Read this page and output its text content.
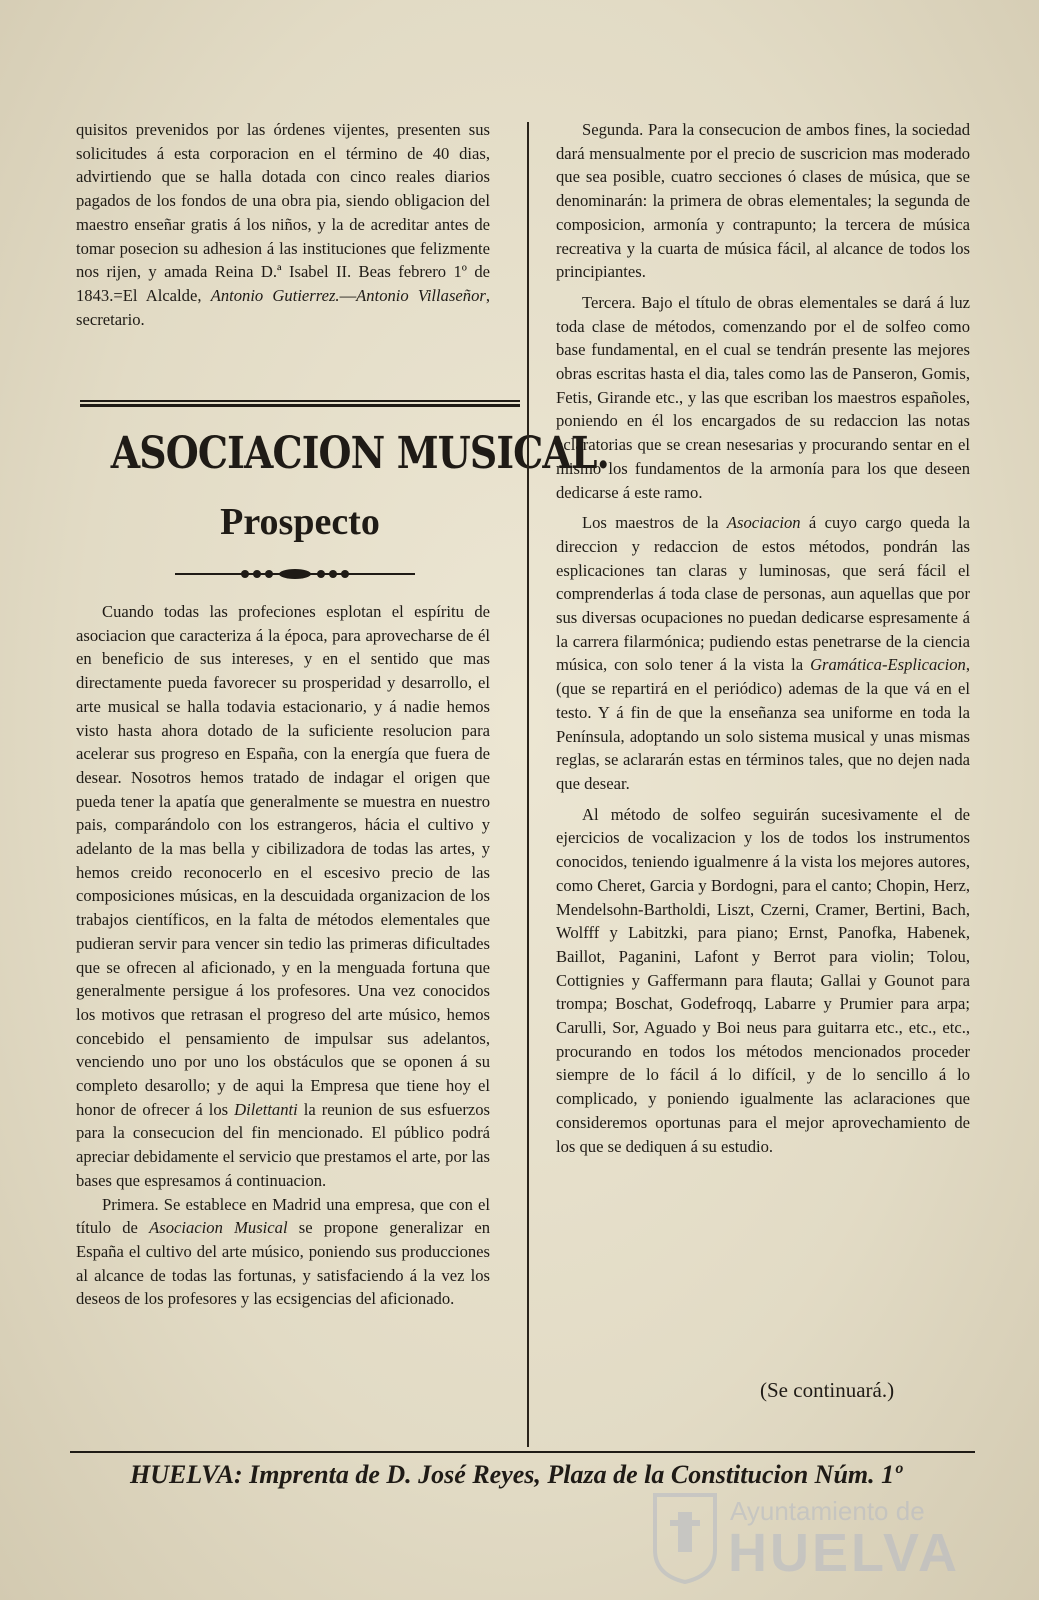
quisitos prevenidos por las órdenes vijentes, presenten sus solicitudes á esta corporacion en el término de 40 dias, advirtiendo que se halla dotada con cinco reales diarios pagados de los fondos de una obra pia, siendo obligacion del maestro enseñar gratis á los niños, y la de acreditar antes de tomar posecion su adhesion á las instituciones que felizmente nos rijen, y amada Reina D.ª Isabel II. Beas febrero 1º de 1843.=El Alcalde, Antonio Gutierrez.—Antonio Villaseñor, secretario.

ASOCIACION MUSICAL.
Prospecto

Cuando todas las profeciones esplotan el espíritu de asociacion que caracteriza á la época, para aprovecharse de él en beneficio de sus intereses, y en el sentido que mas directamente pueda favorecer su prosperidad y desarrollo, el arte musical se halla todavia estacionario, y á nadie hemos visto hasta ahora dotado de la suficiente resolucion para acelerar sus progreso en España, con la energía que fuera de desear. Nosotros hemos tratado de indagar el origen que pueda tener la apatía que generalmente se muestra en nuestro pais, comparándolo con los estrangeros, hácia el cultivo y adelanto de la mas bella y cibilizadora de todas las artes, y hemos creido reconocerlo en el escesivo precio de las composiciones músicas, en la descuidada organizacion de los trabajos científicos, en la falta de métodos elementales que pudieran servir para vencer sin tedio las primeras dificultades que se ofrecen al aficionado, y en la menguada fortuna que generalmente persigue á los profesores. Una vez conocidos los motivos que retrasan el progreso del arte músico, hemos concebido el pensamiento de impulsar sus adelantos, venciendo uno por uno los obstáculos que se oponen á su completo desarollo; y de aqui la Empresa que tiene hoy el honor de ofrecer á los Dilettanti la reunion de sus esfuerzos para la consecucion del fin mencionado. El público podrá apreciar debidamente el servicio que prestamos el arte, por las bases que espresamos á continuacion.

Primera. Se establece en Madrid una empresa, que con el título de Asociacion Musical se propone generalizar en España el cultivo del arte músico, poniendo sus producciones al alcance de todas las fortunas, y satisfaciendo á la vez los deseos de los profesores y las ecsigencias del aficionado.

Segunda. Para la consecucion de ambos fines, la sociedad dará mensualmente por el precio de suscricion mas moderado que sea posible, cuatro secciones ó clases de música, que se denominarán: la primera de obras elementales; la segunda de composicion, armonía y contrapunto; la tercera de música recreativa y la cuarta de música fácil, al alcance de todos los principiantes.

Tercera. Bajo el título de obras elementales se dará á luz toda clase de métodos, comenzando por el de solfeo como base fundamental, en el cual se tendrán presente las mejores obras escritas hasta el dia, tales como las de Panseron, Gomis, Fetis, Girande etc., y las que escriban los maestros españoles, poniendo en él los encargados de su redaccion las notas aclaratorias que se crean nesesarias y procurando sentar en el mismo los fundamentos de la armonía para los que deseen dedicarse á este ramo.

Los maestros de la Asociacion á cuyo cargo queda la direccion y redaccion de estos métodos, pondrán las esplicaciones tan claras y luminosas, que será fácil el comprenderlas á toda clase de personas, aun aquellas que por sus diversas ocupaciones no puedan dedicarse espresamente á la carrera filarmónica; pudiendo estas penetrarse de la ciencia música, con solo tener á la vista la Gramática-Esplicacion, (que se repartirá en el periódico) ademas de la que vá en el testo. Y á fin de que la enseñanza sea uniforme en toda la Península, adoptando un solo sistema musical y unas mismas reglas, se aclararán estas en términos tales, que no dejen nada que desear.

Al método de solfeo seguirán sucesivamente el de ejercicios de vocalizacion y los de todos los instrumentos conocidos, teniendo igualmenre á la vista los mejores autores, como Cheret, Garcia y Bordogni, para el canto; Chopin, Herz, Mendelsohn-Bartholdi, Liszt, Czerni, Cramer, Bertini, Bach, Wolfff y Labitzki, para piano; Ernst, Panofka, Habenek, Baillot, Paganini, Lafont y Berrot para violin; Tolou, Cottignies y Gaffermann para flauta; Gallai y Gounot para trompa; Boschat, Godefroqq, Labarre y Prumier para arpa; Carulli, Sor, Aguado y Boi neus para guitarra etc., etc., etc., procurando en todos los métodos mencionados proceder siempre de lo fácil á lo difícil, y de lo sencillo á lo complicado, y poniendo igualmente las aclaraciones que consideremos oportunas para el mejor aprovechamiento de los que se dediquen á su estudio.

(Se continuará.)
HUELVA: Imprenta de D. José Reyes, Plaza de la Constitucion Núm. 1º
Ayuntamiento de
HUELVA
